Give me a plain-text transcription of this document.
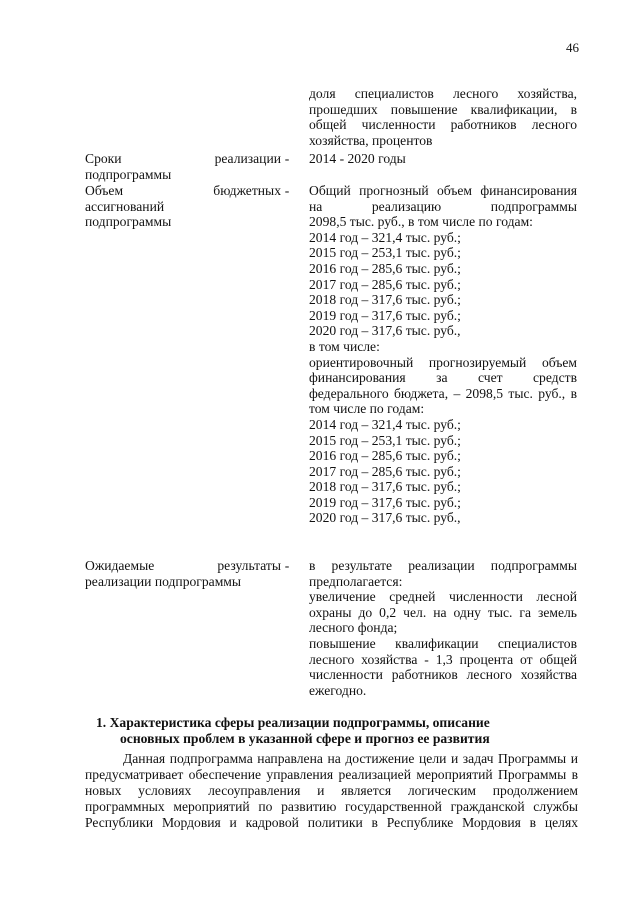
46
доля специалистов лесного хозяйства,
прошедших повышение квалификации, в
общей численности работников лесного
хозяйства, процентов
Сроки реализации
подпрограммы
- 2014 - 2020 годы
Объем бюджетных
ассигнований
подпрограммы
- Общий прогнозный объем финансирования
на реализацию подпрограммы
2098,5 тыс. руб., в том числе по годам:
2014 год – 321,4 тыс. руб.;
2015 год – 253,1 тыс. руб.;
2016 год – 285,6 тыс. руб.;
2017 год – 285,6 тыс. руб.;
2018 год – 317,6 тыс. руб.;
2019 год – 317,6 тыс. руб.;
2020 год – 317,6 тыс. руб.,
в том числе:
ориентировочный прогнозируемый объем
финансирования за счет средств
федерального бюджета, – 2098,5 тыс. руб., в
том числе по годам:
2014 год – 321,4 тыс. руб.;
2015 год – 253,1 тыс. руб.;
2016 год – 285,6 тыс. руб.;
2017 год – 285,6 тыс. руб.;
2018 год – 317,6 тыс. руб.;
2019 год – 317,6 тыс. руб.;
2020 год – 317,6 тыс. руб.,
Ожидаемые результаты
реализации подпрограммы
- в результате реализации подпрограммы
предполагается:
увеличение средней численности лесной
охраны до 0,2 чел. на одну тыс. га земель
лесного фонда;
повышение квалификации специалистов
лесного хозяйства - 1,3 процента от общей
численности работников лесного хозяйства
ежегодно.
1. Характеристика сферы реализации подпрограммы, описание
основных проблем в указанной сфере и прогноз ее развития
Данная подпрограмма направлена на достижение цели и задач Программы и
предусматривает обеспечение управления реализацией мероприятий Программы в
новых условиях лесоуправления и является логическим продолжением
программных мероприятий по развитию государственной гражданской службы
Республики Мордовия и кадровой политики в Республике Мордовия в целях
